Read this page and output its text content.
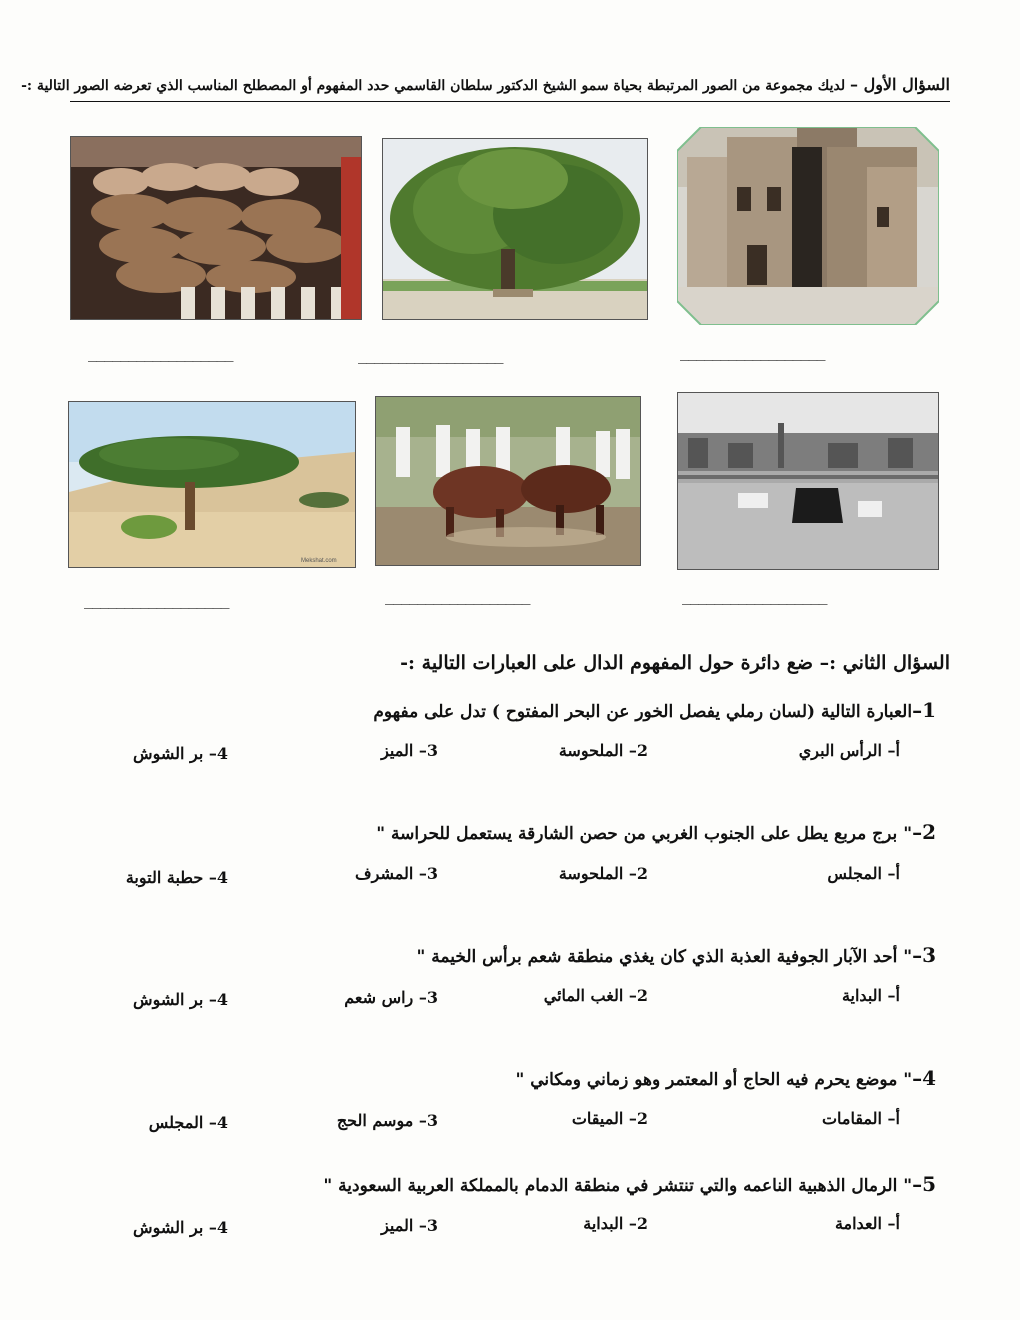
السؤال الأول – لديك مجموعة من الصور المرتبطة بحياة سمو الشيخ الدكتور سلطان القاسمي حدد المفهوم أو المصطلح المناسب الذي تعرضه الصور التالية :-
__________________
__________________
__________________
Mekshat.com
__________________
__________________
__________________
السؤال الثاني :– ضع دائرة حول المفهوم الدال على العبارات التالية :-
1–العبارة التالية (لسان رملي يفصل الخور عن البحر المفتوح ) تدل على مفهوم
أ– الرأس البري
2– الملحوسة
3– الميز
4– بر الشوش
2–" برج مربع يطل على الجنوب الغربي من حصن الشارقة يستعمل للحراسة "
أ– المجلس
2– الملحوسة
3– المشرف
4– حطبة التوبة
3–" أحد الآبار الجوفية العذبة الذي كان يغذي منطقة شعم برأس الخيمة "
أ– البداية
2– الغب المائي
3– راس شعم
4– بر الشوش
4–" موضع يحرم فيه الحاج أو المعتمر وهو زماني ومكاني "
أ– المقامات
2– الميقات
3– موسم الحج
4– المجلس
5–" الرمال الذهبية الناعمه والتي تنتشر في منطقة الدمام بالمملكة العربية السعودية "
أ– العدامة
2– البداية
3– الميز
4– بر الشوش
